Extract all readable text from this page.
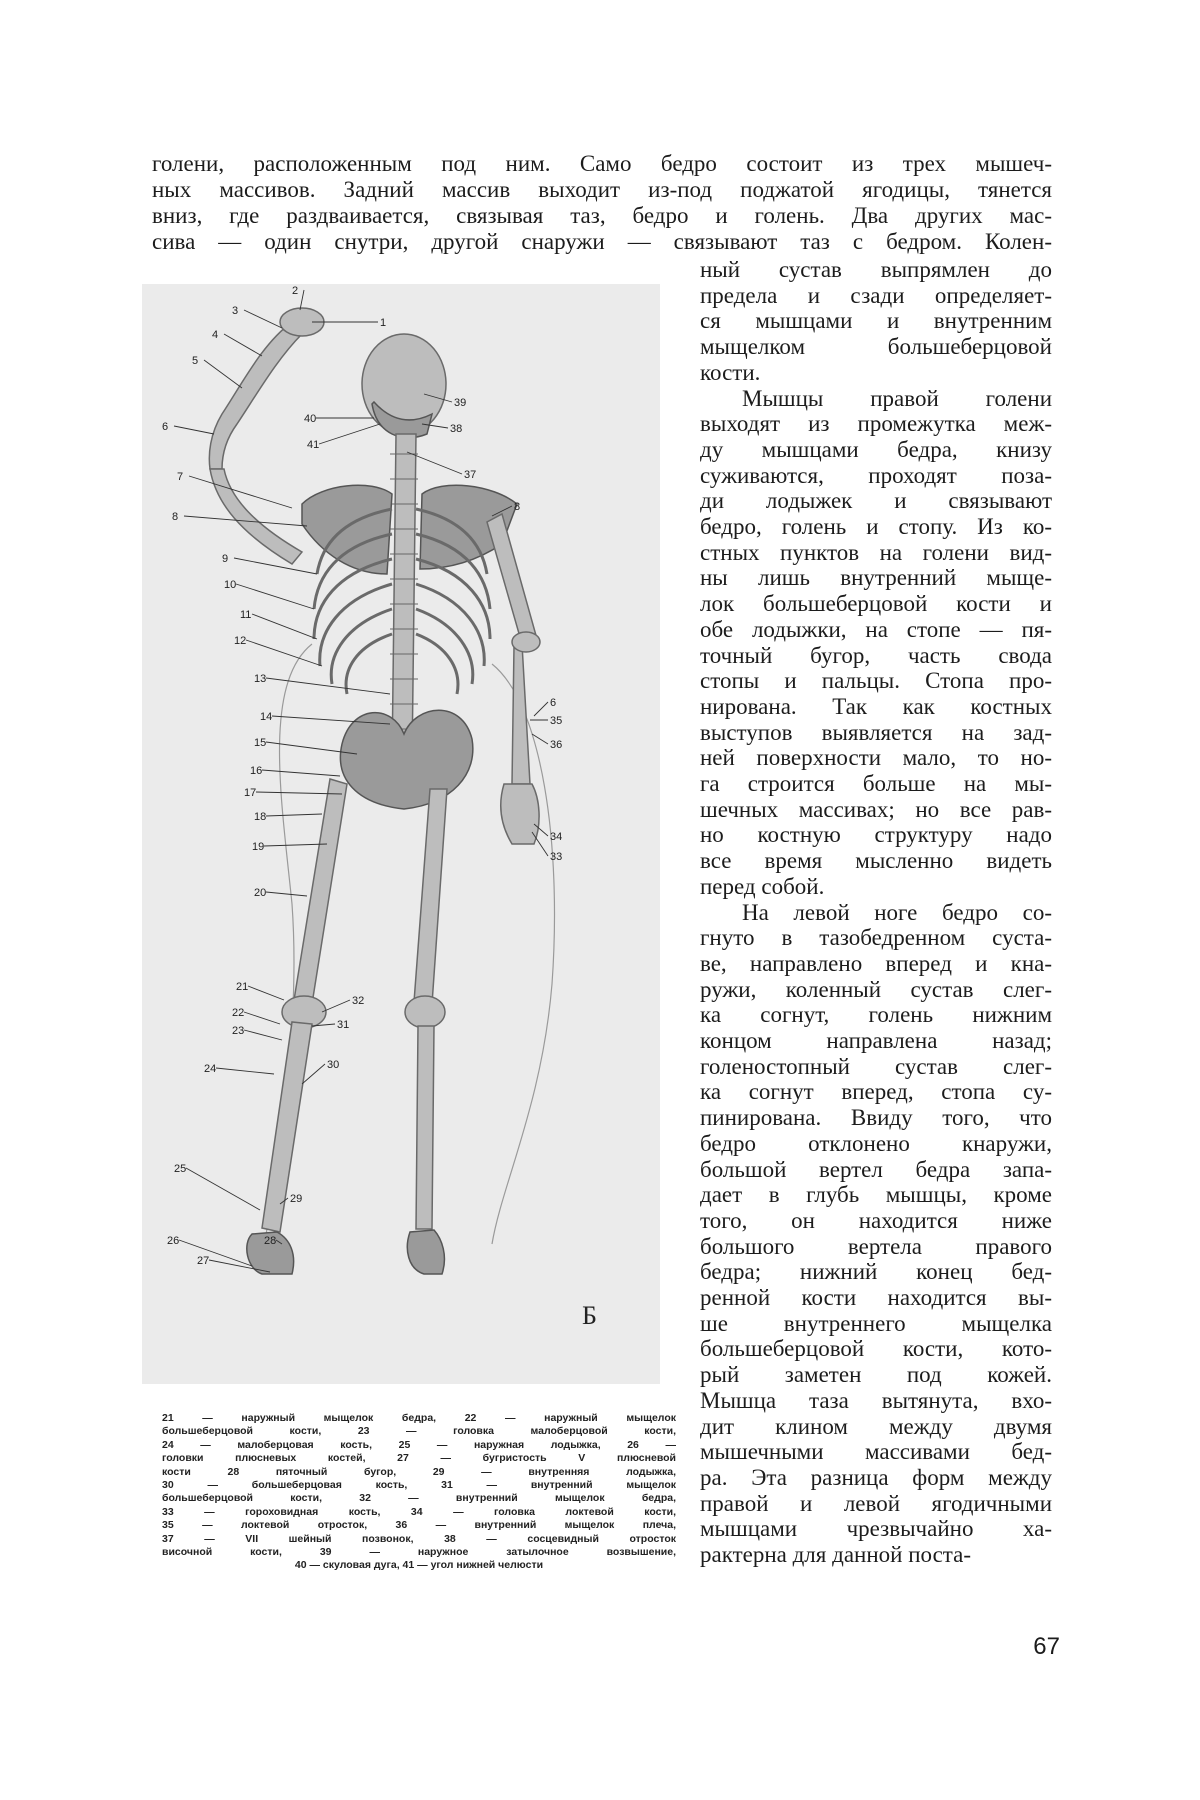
голени, расположенным под ним. Само бедро состоит из трех мышеч-
ных массивов. Задний массив выходит из-под поджатой ягодицы, тянется
вниз, где раздваивается, связывая таз, бедро и голень. Два других мас-
сива — один снутри, другой снаружи — связывают таз с бедром. Колен-
ный сустав выпрямлен до
предела и сзади определяет-
ся мышцами и внутренним
мыщелком большеберцовой
кости.
Мышцы правой голени
выходят из промежутка меж-
ду мышцами бедра, книзу
суживаются, проходят поза-
ди лодыжек и связывают
бедро, голень и стопу. Из ко-
стных пунктов на голени вид-
ны лишь внутренний мыще-
лок большеберцовой кости и
обе лодыжки, на стопе — пя-
точный бугор, часть свода
стопы и пальцы. Стопа про-
нирована. Так как костных
выступов выявляется на зад-
ней поверхности мало, то но-
га строится больше на мы-
шечных массивах; но все рав-
но костную структуру надо
все время мысленно видеть
перед собой.
На левой ноге бедро со-
гнуто в тазобедренном суста-
ве, направлено вперед и кна-
ружи, коленный сустав слег-
ка согнут, голень нижним
концом направлена назад;
голеностопный сустав слег-
ка согнут вперед, стопа су-
пинирована. Ввиду того, что
бедро отклонено кнаружи,
большой вертел бедра запа-
дает в глубь мышцы, кроме
того, он находится ниже
большого вертела правого
бедра; нижний конец бед-
ренной кости находится вы-
ше внутреннего мыщелка
большеберцовой кости, кото-
рый заметен под кожей.
Мышца таза вытянута, вхо-
дит клином между двумя
мышечными массивами бед-
ра. Эта разница форм между
правой и левой ягодичными
мышцами чрезвычайно ха-
рактерна для данной поста-
1
2
3
4
5
6
7
8
9
10
11
12
13
14
15
16
17
18
19
20
21
22
23
24
25
26
27
28
29
30
31
32
33
34
35
36
37
38
39
40
41
6
8
Б
21 — наружный мыщелок бедра, 22 — наружный мыщелок
большеберцовой кости, 23 — головка малоберцовой кости,
24 — малоберцовая кость, 25 — наружная лодыжка, 26 —
головки плюсневых костей, 27 — бугристость V плюсневой
кости 28 пяточный бугор, 29 — внутренняя лодыжка,
30 — большеберцовая кость, 31 — внутренний мыщелок
большеберцовой кости, 32 — внутренний мыщелок бедра,
33 — гороховидная кость, 34 — головка локтевой кости,
35 — локтевой отросток, 36 — внутренний мыщелок плеча,
37 — VII шейный позвонок, 38 — сосцевидный отросток
височной кости, 39 — наружное затылочное возвышение,
40 — скуловая дуга, 41 — угол нижней челюсти
67
